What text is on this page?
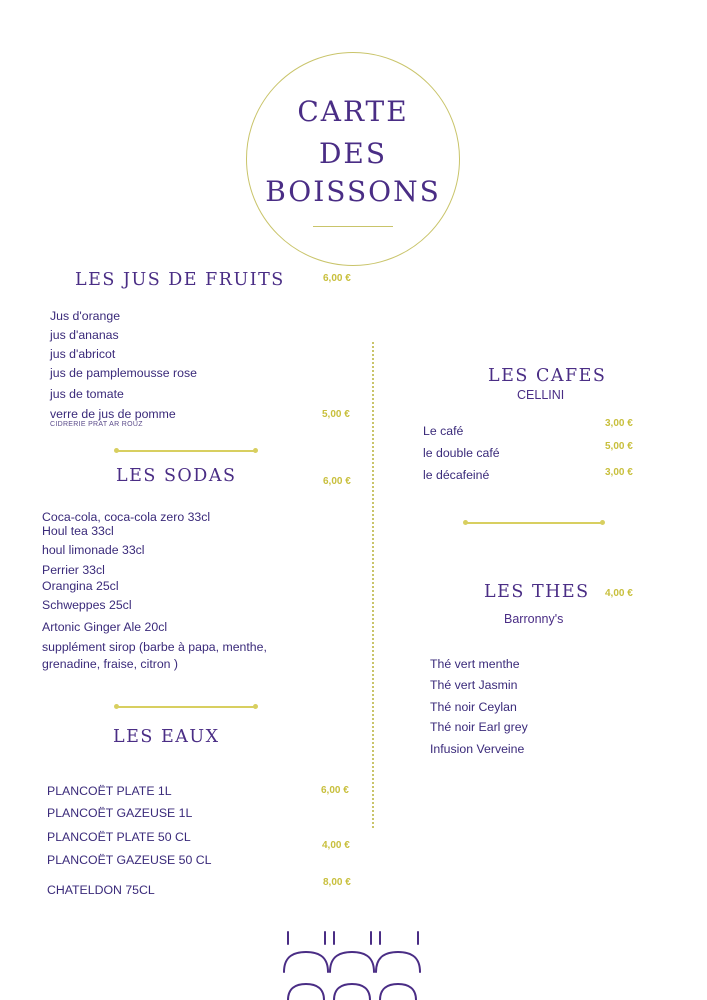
CARTE
DES
BOISSONS
LES JUS DE FRUITS	6,00 €
Jus d'orange
jus d'ananas
jus d'abricot
jus de pamplemousse rose
jus de tomate
verre de jus de pomme
CIDRERIE PRAT AR ROUZ
5,00 €
LES SODAS	6,00 €
Coca-cola, coca-cola zero 33cl
Houl tea 33cl
houl limonade 33cl
Perrier 33cl
Orangina 25cl
Schweppes 25cl
Artonic Ginger Ale 20cl
supplément sirop (barbe à papa, menthe,
grenadine, fraise, citron )
LES EAUX
PLANCOËT PLATE 1L
PLANCOËT GAZEUSE 1L
PLANCOËT PLATE 50 CL
PLANCOËT GAZEUSE 50 CL
CHATELDON 75CL
6,00 €
4,00 €
8,00 €
LES CAFES
CELLINI
Le café
le double café
le décafeiné
3,00 €
5,00 €
3,00 €
LES THES 4,00 €
Barronny's
Thé vert menthe
Thé vert Jasmin
Thé noir Ceylan
Thé noir Earl grey
Infusion Verveine
